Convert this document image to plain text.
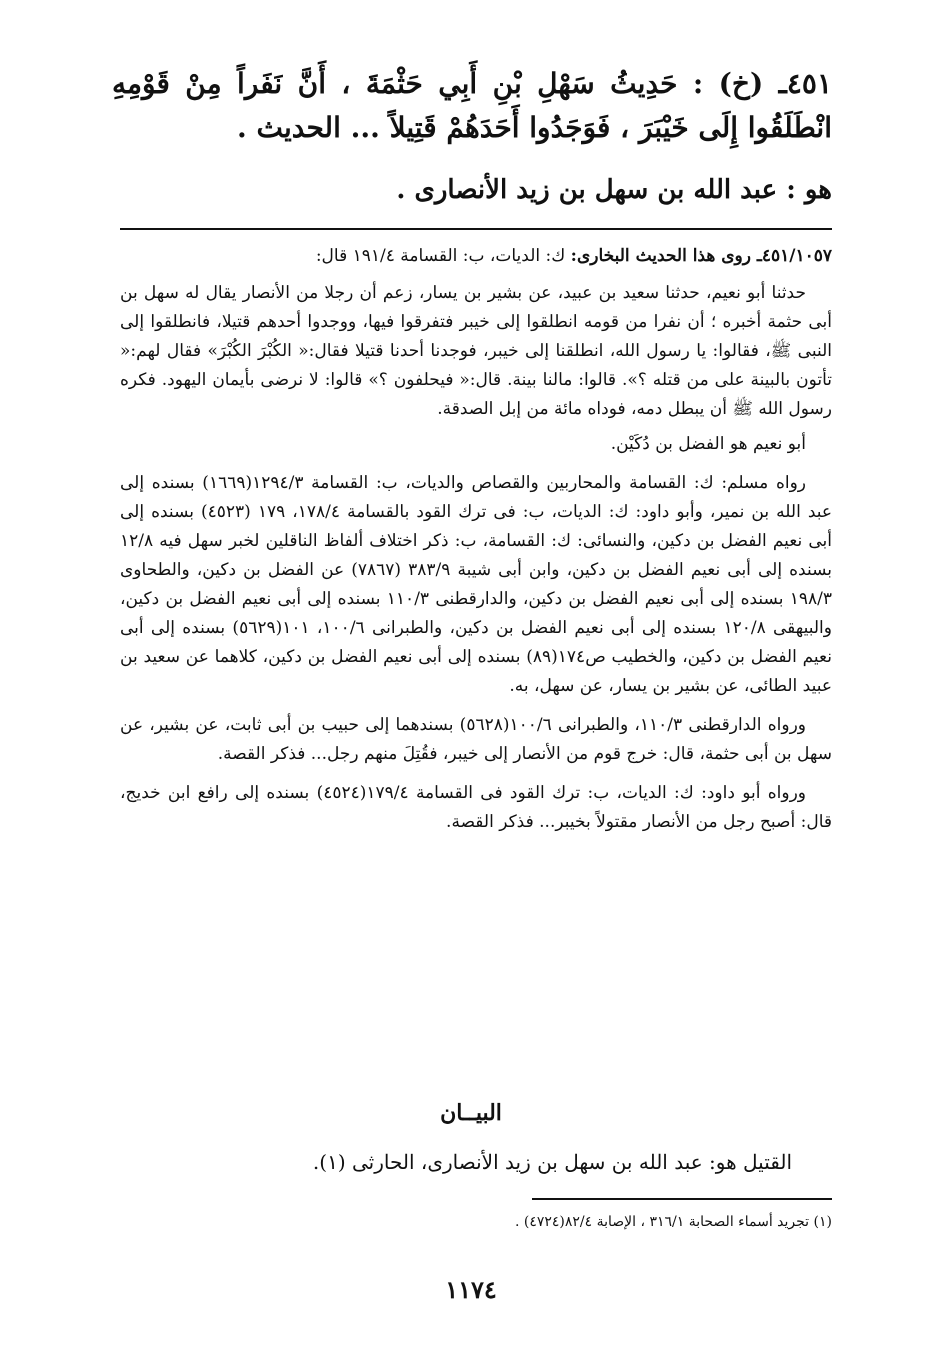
٤٥١ـ (خ) : حَدِيثُ سَهْلِ بْنِ أَبِي حَثْمَةَ ، أَنَّ نَفَراً مِنْ قَوْمِهِ انْطَلَقُوا إِلَى خَيْبَرَ ، فَوَجَدُوا أَحَدَهُمْ قَتِيلاً ... الحديث .
هو : عبد الله بن سهل بن زيد الأنصارى .

٤٥١/١٠٥٧ـ روى هذا الحديث البخارى: ك: الديات، ب: القسامة ١٩١/٤ قال:

حدثنا أبو نعيم، حدثنا سعيد بن عبيد، عن بشير بن يسار، زعم أن رجلا من الأنصار يقال له سهل بن أبى حثمة أخبره ؛ أن نفرا من قومه انطلقوا إلى خيبر فتفرقوا فيها، ووجدوا أحدهم قتيلا، فانطلقوا إلى النبى ﷺ، فقالوا: يا رسول الله، انطلقنا إلى خيبر، فوجدنا أحدنا قتيلا فقال:« الكُبْرَ الكُبْرَ» فقال لهم:« تأتون بالبينة على من قتله ؟». قالوا: مالنا بينة. قال:« فيحلفون ؟» قالوا: لا نرضى بأيمان اليهود. فكره رسول الله ﷺ أن يبطل دمه، فوداه مائة من إبل الصدقة.

أبو نعيم هو الفضل بن دُكَيْن.

رواه مسلم: ك: القسامة والمحاربين والقصاص والديات، ب: القسامة ١٢٩٤/٣(١٦٦٩) بسنده إلى عبد الله بن نمير، وأبو داود: ك: الديات، ب: فى ترك القود بالقسامة ١٧٨/٤، ١٧٩ (٤٥٢٣) بسنده إلى أبى نعيم الفضل بن دكين، والنسائى: ك: القسامة، ب: ذكر اختلاف ألفاظ الناقلين لخبر سهل فيه ١٢/٨ بسنده إلى أبى نعيم الفضل بن دكين، وابن أبى شيبة ٣٨٣/٩ (٧٨٦٧) عن الفضل بن دكين، والطحاوى ١٩٨/٣ بسنده إلى أبى نعيم الفضل بن دكين، والدارقطنى ١١٠/٣ بسنده إلى أبى نعيم الفضل بن دكين، والبيهقى ١٢٠/٨ بسنده إلى أبى نعيم الفضل بن دكين، والطبرانى ١٠٠/٦، ١٠١(٥٦٢٩) بسنده إلى أبى نعيم الفضل بن دكين، والخطيب ص١٧٤(٨٩) بسنده إلى أبى نعيم الفضل بن دكين، كلاهما عن سعيد بن عبيد الطائى، عن بشير بن يسار، عن سهل، به.

ورواه الدارقطنى ١١٠/٣، والطبرانى ١٠٠/٦(٥٦٢٨) بسندهما إلى حبيب بن أبى ثابت، عن بشير، عن سهل بن أبى حثمة، قال: خرج قوم من الأنصار إلى خيبر، فقُتِلَ منهم رجل... فذكر القصة.

ورواه أبو داود: ك: الديات، ب: ترك القود فى القسامة ١٧٩/٤(٤٥٢٤) بسنده إلى رافع ابن خديج، قال: أصبح رجل من الأنصار مقتولاً بخيبر... فذكر القصة.

البيــان
القتيل هو: عبد الله بن سهل بن زيد الأنصارى، الحارثى (١).
(١) تجريد أسماء الصحابة ٣١٦/١ ، الإصابة ٨٢/٤(٤٧٢٤) .
١١٧٤
